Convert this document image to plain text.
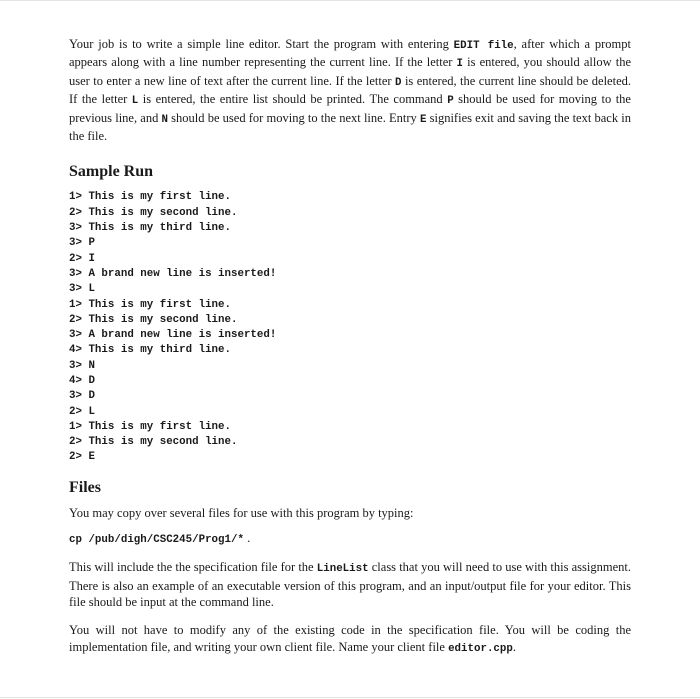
Your job is to write a simple line editor. Start the program with entering EDIT file, after which a prompt appears along with a line number representing the current line. If the letter I is entered, you should allow the user to enter a new line of text after the current line. If the letter D is entered, the current line should be deleted. If the letter L is entered, the entire list should be printed. The command P should be used for moving to the previous line, and N should be used for moving to the next line. Entry E signifies exit and saving the text back in the file.

Sample Run
1> This is my first line.
2> This is my second line.
3> This is my third line.
3> P
2> I
3> A brand new line is inserted!
3> L
1> This is my first line.
2> This is my second line.
3> A brand new line is inserted!
4> This is my third line.
3> N
4> D
3> D
2> L
1> This is my first line.
2> This is my second line.
2> E
Files

You may copy over several files for use with this program by typing:

cp /pub/digh/CSC245/Prog1/* .

This will include the the specification file for the LineList class that you will need to use with this assignment. There is also an example of an executable version of this program, and an input/output file for your editor. This file should be input at the command line.

You will not have to modify any of the existing code in the specification file. You will be coding the implementation file, and writing your own client file. Name your client file editor.cpp.
